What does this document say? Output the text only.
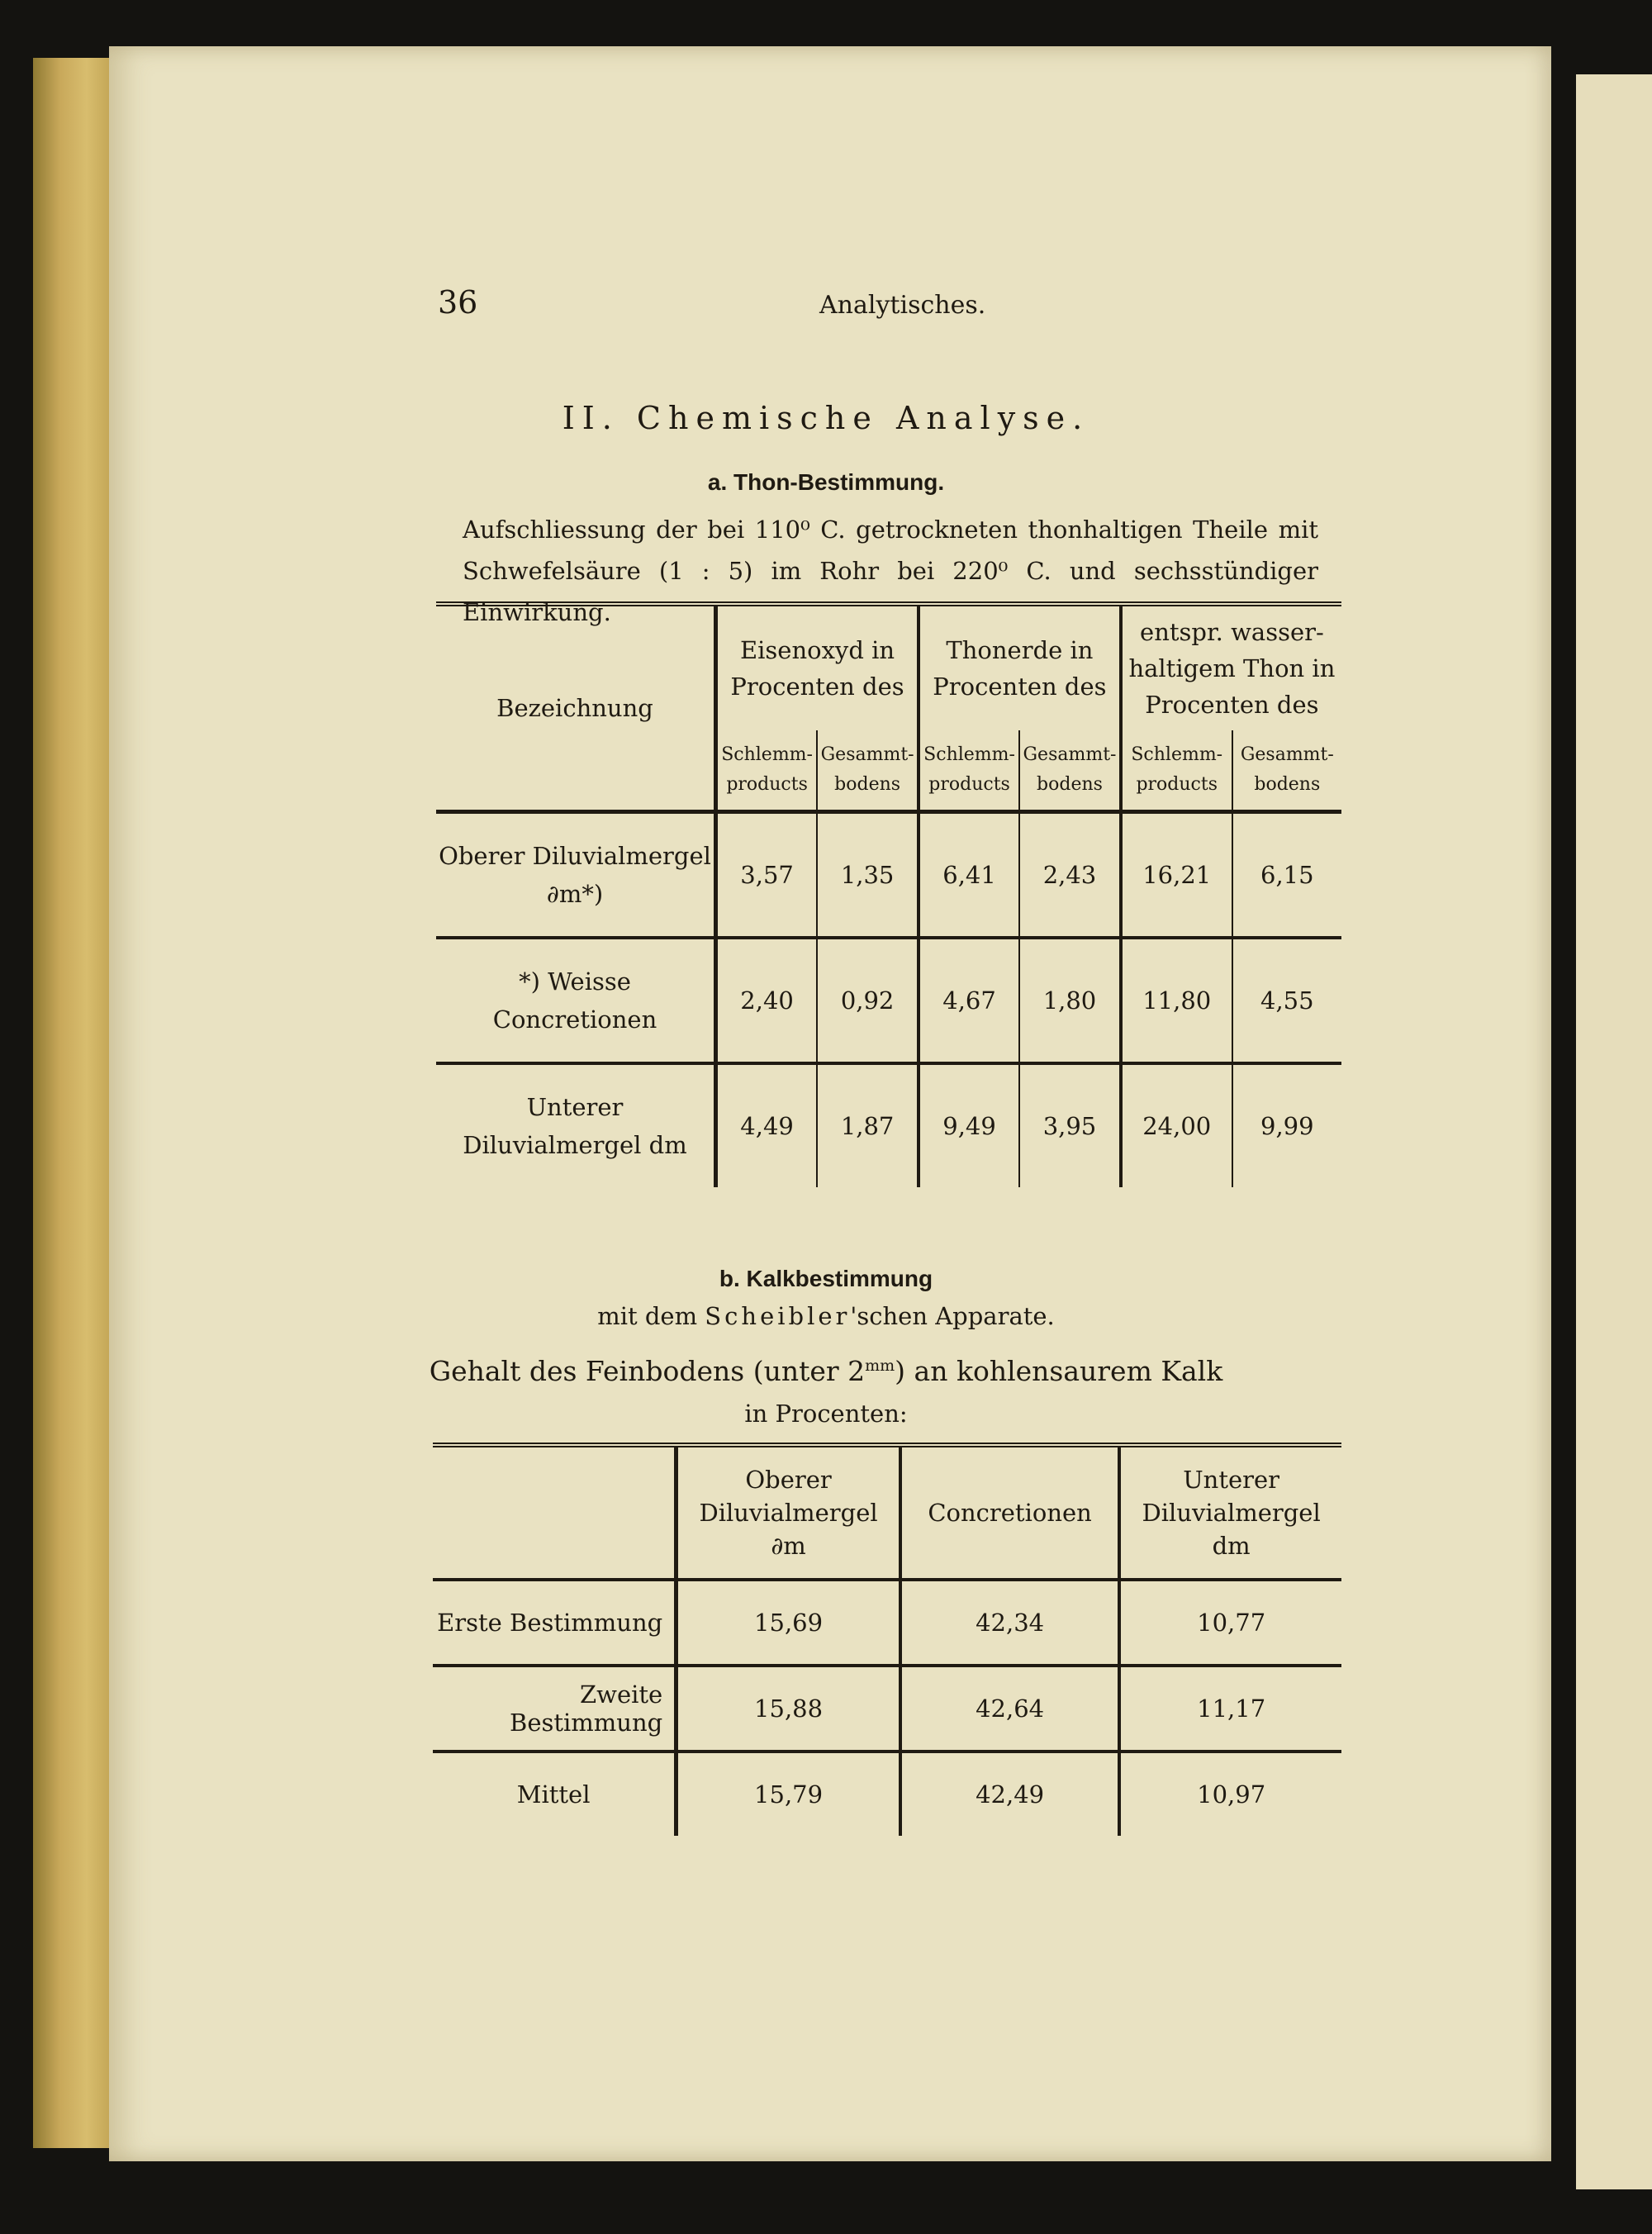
36	Analytisches.
II. Chemische Analyse.
a. Thon-Bestimmung.
Aufschliessung der bei 110⁰ C. getrockneten thonhaltigen Theile mit Schwefelsäure (1 : 5) im Rohr bei 220⁰ C. und sechsstündiger Einwirkung.
Bezeichnung	Eisenoxyd in Procenten des		Thonerde in Procenten des		entspr. wasser-haltigem Thon in Procenten des	
	Schlemm-products	Gesammt-bodens	Schlemm-products	Gesammt-bodens	Schlemm-products	Gesammt-bodens
Oberer Diluvialmergel ∂m*)	3,57	1,35	6,41	2,43	16,21	6,15
*) Weisse Concretionen	2,40	0,92	4,67	1,80	11,80	4,55
Unterer Diluvialmergel dm	4,49	1,87	9,49	3,95	24,00	9,99
b. Kalkbestimmung
mit dem Scheibler'schen Apparate.
Gehalt des Feinbodens (unter $2^{mm}$) an kohlensaurem Kalk
in Procenten:
	Oberer Diluvialmergel ∂m	Concretionen	Unterer Diluvialmergel dm
Erste Bestimmung	15,69	42,34	10,77
Zweite Bestimmung	15,88	42,64	11,17
Mittel	15,79	42,49	10,97
